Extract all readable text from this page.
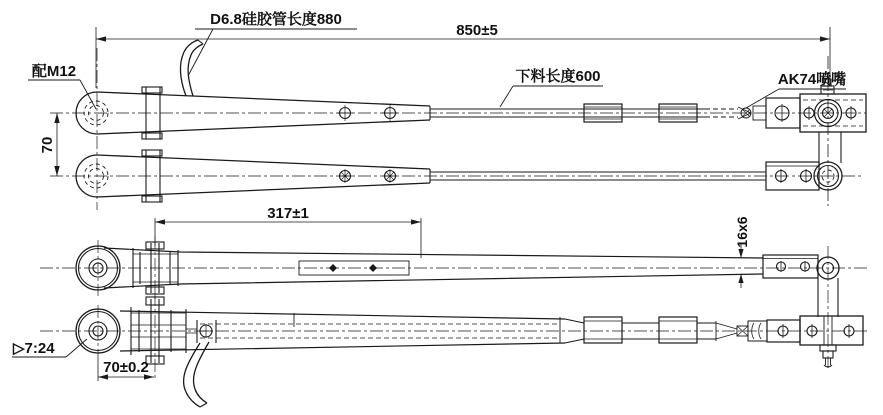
850±5
D6.8硅胶管长度880
配M12
70
下料长度600	AK74喷嘴
317±1
16x6
▷7:24
70±0.2
